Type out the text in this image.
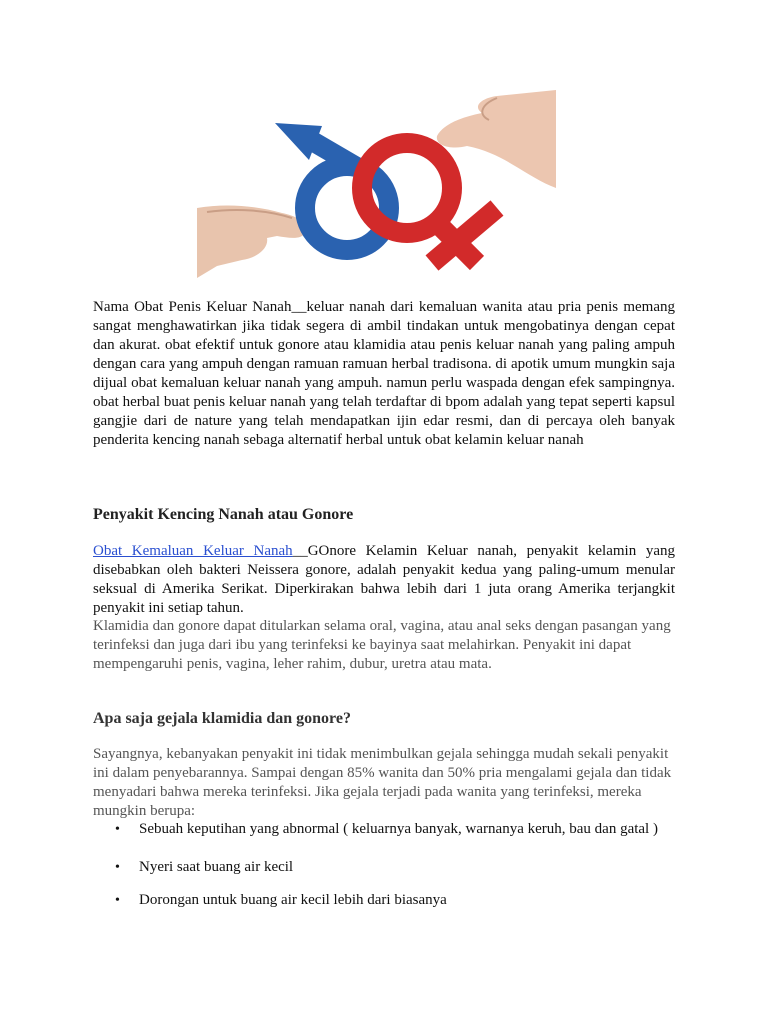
Nama Obat Penis Keluar Nanah__keluar nanah dari kemaluan wanita atau pria penis memang sangat menghawatirkan jika tidak segera di ambil tindakan untuk mengobatinya dengan cepat dan akurat. obat efektif untuk gonore atau klamidia atau penis keluar nanah yang paling ampuh dengan cara yang ampuh dengan ramuan ramuan herbal tradisona. di apotik umum mungkin saja dijual obat kemaluan keluar nanah yang ampuh. namun perlu waspada dengan efek sampingnya. obat herbal buat penis keluar nanah yang telah terdaftar di bpom adalah yang tepat seperti kapsul gangjie dari de nature yang telah mendapatkan ijin edar resmi, dan di percaya oleh banyak penderita kencing nanah sebaga alternatif herbal untuk obat kelamin keluar nanah
Penyakit Kencing Nanah atau Gonore
Obat Kemaluan Keluar Nanah__GOnore Kelamin Keluar nanah, penyakit kelamin yang disebabkan oleh bakteri Neissera gonore, adalah penyakit kedua yang paling-umum menular seksual di Amerika Serikat. Diperkirakan bahwa lebih dari 1 juta orang Amerika terjangkit penyakit ini setiap tahun.
Klamidia dan gonore dapat ditularkan selama oral, vagina, atau anal seks dengan pasangan yang terinfeksi dan juga dari ibu yang terinfeksi ke bayinya saat melahirkan. Penyakit ini dapat mempengaruhi penis, vagina, leher rahim, dubur, uretra atau mata.
Apa saja gejala klamidia dan gonore?
Sayangnya, kebanyakan penyakit ini tidak menimbulkan gejala sehingga mudah sekali penyakit ini dalam penyebarannya. Sampai dengan 85% wanita dan 50% pria mengalami gejala dan tidak menyadari bahwa mereka terinfeksi. Jika gejala terjadi pada wanita yang terinfeksi, mereka mungkin berupa:
• Sebuah keputihan yang abnormal ( keluarnya banyak, warnanya keruh, bau dan gatal )
• Nyeri saat buang air kecil
• Dorongan untuk buang air kecil lebih dari biasanya
